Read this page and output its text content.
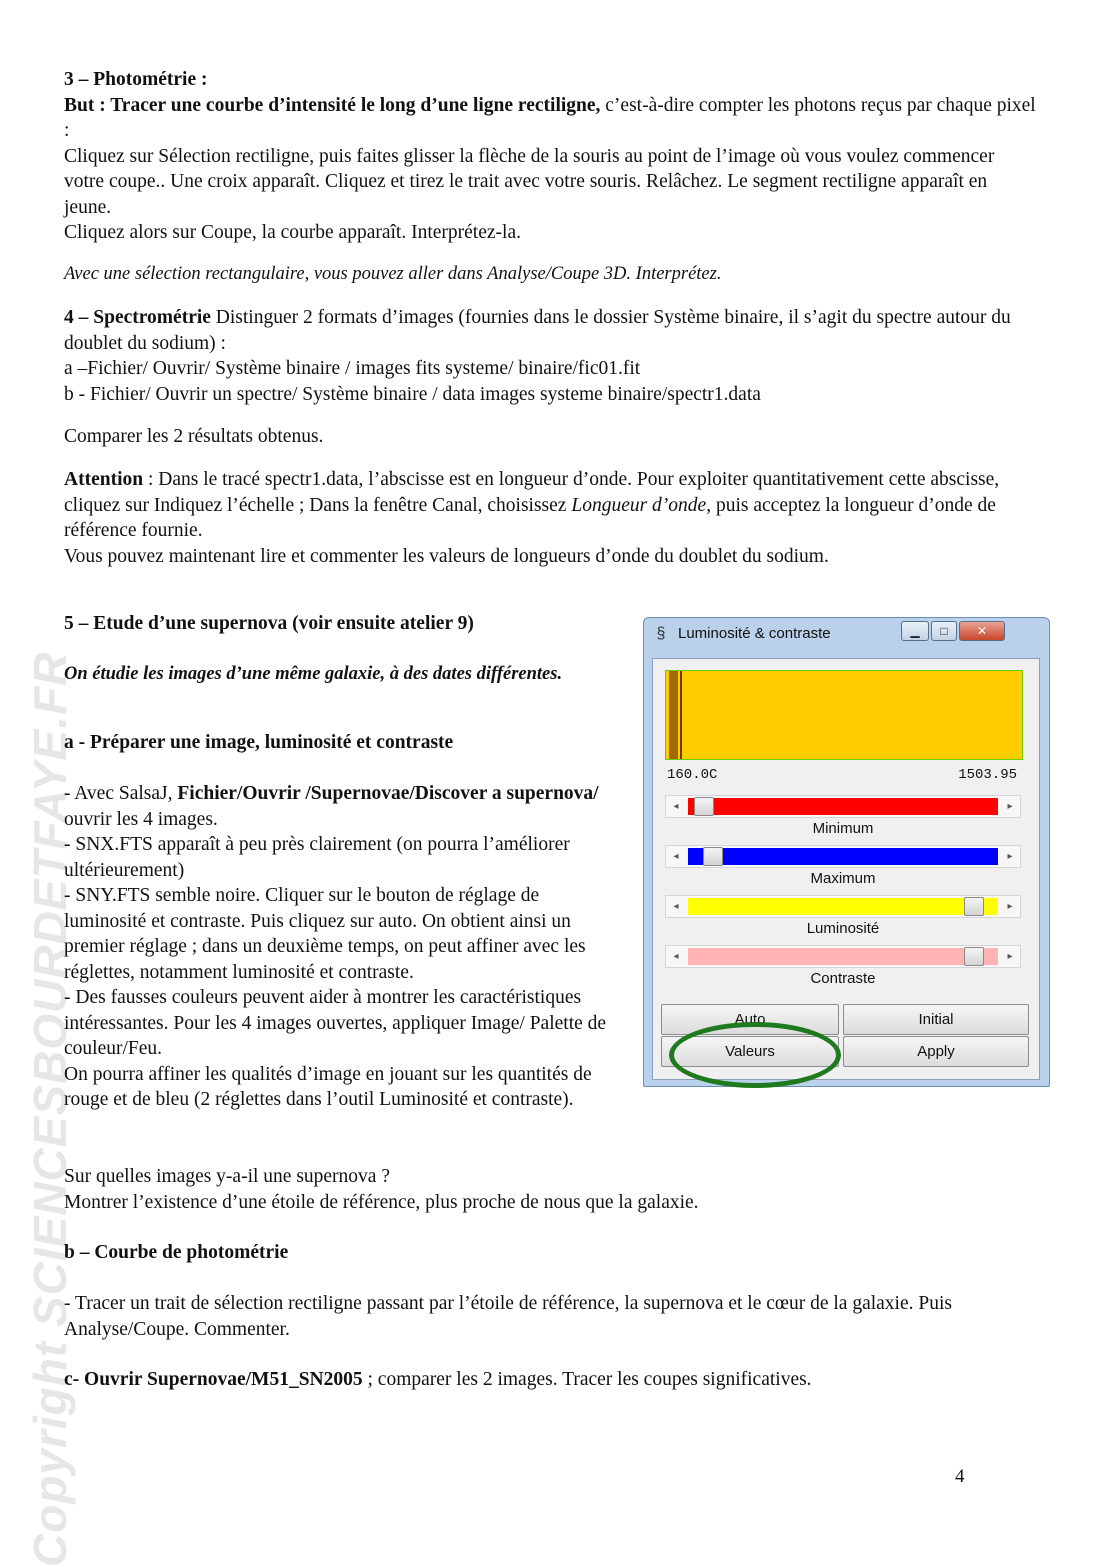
Copyright SCIENCESBOURDETFAYE.FR

3 – Photométrie :

But : Tracer une courbe d’intensité le long d’une ligne rectiligne, c’est-à-dire compter les photons reçus par chaque pixel :

Cliquez sur Sélection rectiligne, puis faites glisser la flèche de la souris au point de l’image où vous voulez commencer votre coupe.. Une croix apparaît. Cliquez et tirez le trait avec votre souris. Relâchez. Le segment rectiligne apparaît en jeune.

Cliquez alors sur Coupe, la courbe apparaît. Interprétez-la.

Avec une sélection rectangulaire, vous pouvez aller dans Analyse/Coupe 3D. Interprétez.

4 – Spectrométrie Distinguer 2 formats d’images (fournies dans le dossier Système binaire, il s’agit du spectre autour du doublet du sodium) :

a –Fichier/ Ouvrir/ Système binaire / images fits systeme/ binaire/fic01.fit

b - Fichier/ Ouvrir un spectre/ Système binaire / data images systeme binaire/spectr1.data

Comparer les 2 résultats obtenus.

Attention : Dans le tracé spectr1.data, l’abscisse est en longueur d’onde. Pour exploiter quantitativement cette abscisse, cliquez sur Indiquez l’échelle ; Dans la fenêtre Canal, choisissez Longueur d’onde, puis acceptez la longueur d’onde de référence fournie.

Vous pouvez maintenant lire et commenter les valeurs de longueurs d’onde du doublet du sodium.

5 – Etude d’une supernova (voir ensuite atelier 9)
On étudie les images d’une même galaxie, à des dates différentes.
a - Préparer une image, luminosité et contraste

- Avec SalsaJ, Fichier/Ouvrir /Supernovae/Discover a supernova/ ouvrir les 4 images.

- SNX.FTS apparaît à peu près clairement (on pourra l’améliorer ultérieurement)

- SNY.FTS semble noire. Cliquer sur le bouton de réglage de luminosité et contraste. Puis cliquez sur auto. On obtient ainsi un premier réglage ; dans un deuxième temps, on peut affiner avec les réglettes, notamment luminosité et contraste.

- Des fausses couleurs peuvent aider à montrer les caractéristiques intéressantes. Pour les 4 images ouvertes, appliquer Image/ Palette de couleur/Feu.

On pourra affiner les qualités d’image en jouant sur les quantités de rouge et de bleu (2 réglettes dans l’outil Luminosité et contraste).

Sur quelles images y-a-il une supernova ?

Montrer l’existence d’une étoile de référence, plus proche de nous que la galaxie.

b – Courbe de photométrie
- Tracer un trait de sélection rectiligne passant par l’étoile de référence, la supernova et le cœur de la galaxie. Puis Analyse/Coupe. Commenter.

c- Ouvrir Supernovae/M51_SN2005 ; comparer les 2 images. Tracer les coupes significatives.

§ Luminosité & contraste	▁	□	✕
160.0C	1503.95
◂	▸
Minimum
◂	▸
Maximum
◂	▸
Luminosité
◂	▸
Contraste
Auto	Initial
Valeurs	Apply
4
